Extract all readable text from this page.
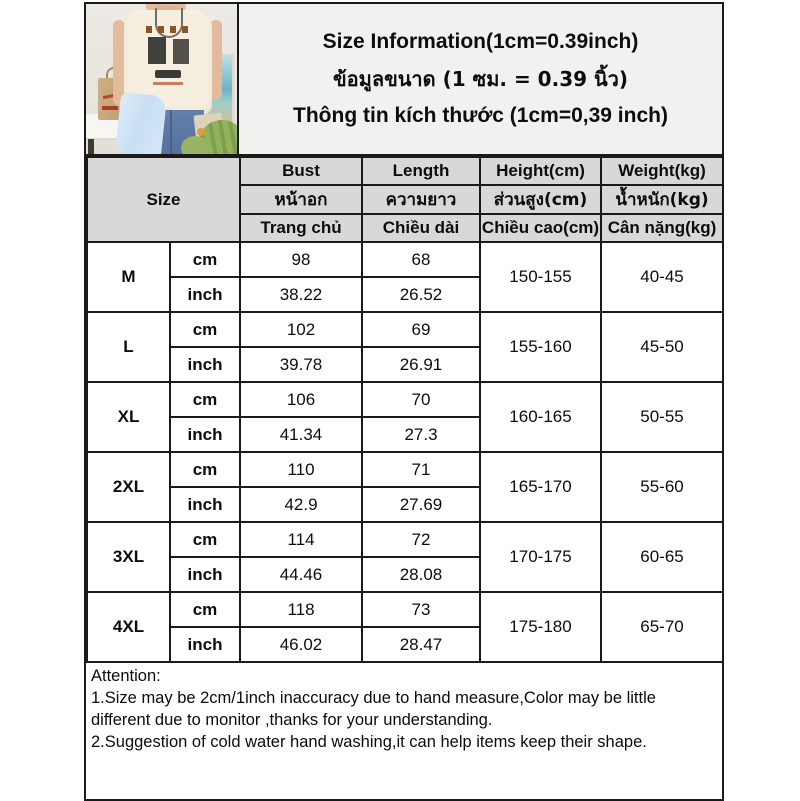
Size Information(1cm=0.39inch)
ข้อมูลขนาด (1 ซม. = 0.39 นิ้ว)
Thông tin kích thước (1cm=0,39 inch)
Size		Bust	Length	Height(cm)	Weight(kg)
		หน้าอก	ความยาว	ส่วนสูง(cm)	น้ำหนัก(kg)
		Trang chủ	Chiều dài	Chiều cao(cm)	Cân nặng(kg)
M	cm	98	68	150-155	40-45
	inch	38.22	26.52		
L	cm	102	69	155-160	45-50
	inch	39.78	26.91		
XL	cm	106	70	160-165	50-55
	inch	41.34	27.3		
2XL	cm	110	71	165-170	55-60
	inch	42.9	27.69		
3XL	cm	114	72	170-175	60-65
	inch	44.46	28.08		
4XL	cm	118	73	175-180	65-70
	inch	46.02	28.47		
Attention:
1.Size may be 2cm/1inch inaccuracy due to hand measure,Color may be little different due to monitor ,thanks for your understanding.
2.Suggestion of cold water hand washing,it can help items keep their shape.
